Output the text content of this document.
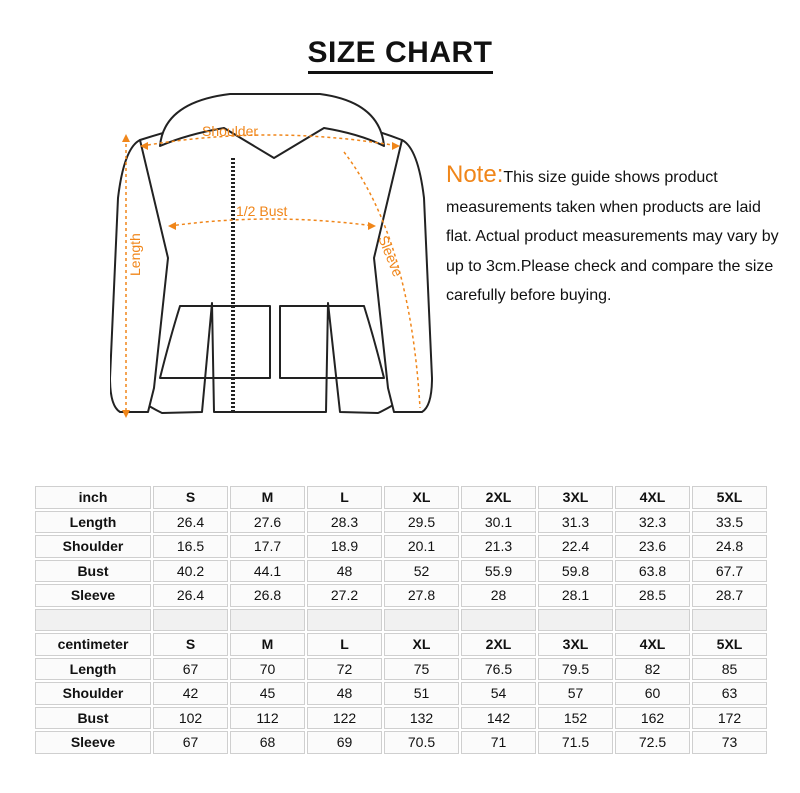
SIZE CHART
Shoulder
1/2 Bust
Length	Sleeve
Note:This size guide shows product measurements taken when products are laid flat. Actual product measurements may vary by up to 3cm.Please check and compare the size carefully before buying.
inch	S	M	L	XL	2XL	3XL	4XL	5XL
Length	26.4	27.6	28.3	29.5	30.1	31.3	32.3	33.5
Shoulder	16.5	17.7	18.9	20.1	21.3	22.4	23.6	24.8
Bust	40.2	44.1	48	52	55.9	59.8	63.8	67.7
Sleeve	26.4	26.8	27.2	27.8	28	28.1	28.5	28.7

centimeter	S	M	L	XL	2XL	3XL	4XL	5XL
Length	67	70	72	75	76.5	79.5	82	85
Shoulder	42	45	48	51	54	57	60	63
Bust	102	112	122	132	142	152	162	172
Sleeve	67	68	69	70.5	71	71.5	72.5	73
